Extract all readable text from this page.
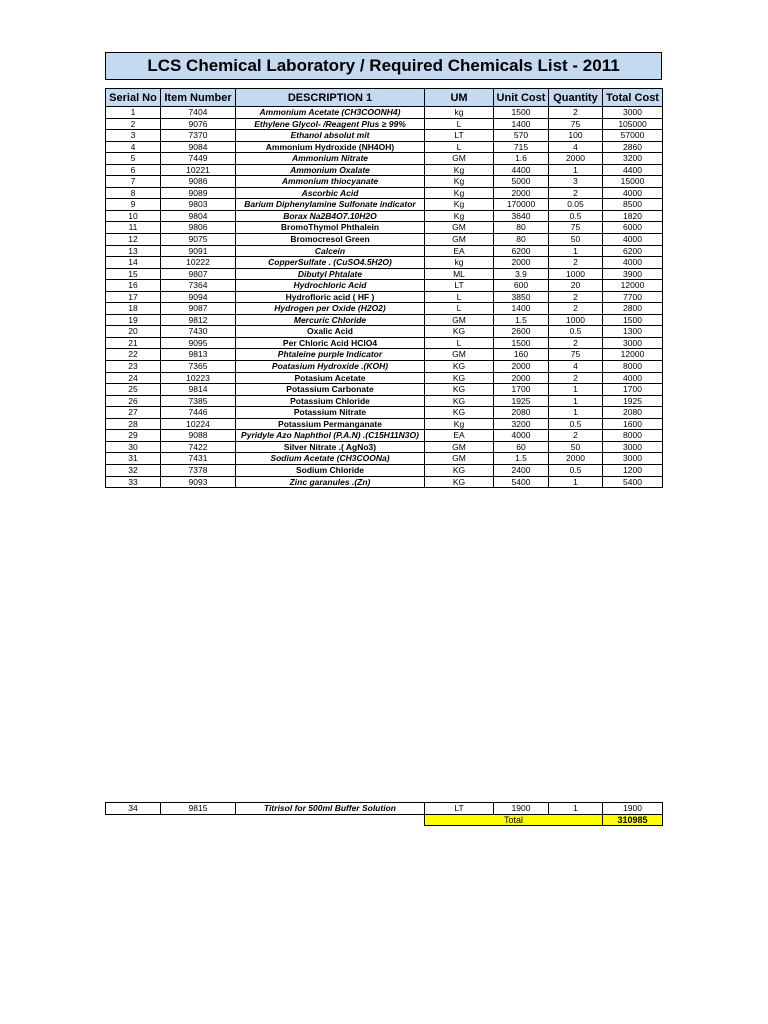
LCS Chemical Laboratory / Required Chemicals List - 2011
Serial No	Item Number	DESCRIPTION 1	UM	Unit Cost	Quantity	Total Cost
1	7404	Ammonium Acetate (CH3COONH4)	kg	1500	2	3000
2	9076	Ethylene Glycol- /Reagent Plus ≥ 99%	L	1400	75	105000
3	7370	Ethanol absolut mit	LT	570	100	57000
4	9084	Ammonium Hydroxide (NH4OH)	L	715	4	2860
5	7449	Ammonium Nitrate	GM	1.6	2000	3200
6	10221	Ammonium Oxalate	Kg	4400	1	4400
7	9086	Ammonium thiocyanate	Kg	5000	3	15000
8	9089	Ascorbic Acid	Kg	2000	2	4000
9	9803	Barium Diphenylamine Sulfonate indicator	Kg	170000	0.05	8500
10	9804	Borax Na2B4O7.10H2O	Kg	3640	0.5	1820
11	9806	BromoThymol Phthalein	GM	80	75	6000
12	9075	Bromocresol Green	GM	80	50	4000
13	9091	Calcein	EA	6200	1	6200
14	10222	CopperSulfate . (CuSO4.5H2O)	kg	2000	2	4000
15	9807	Dibutyl Phtalate	ML	3.9	1000	3900
16	7364	Hydrochloric Acid	LT	600	20	12000
17	9094	Hydrofloric acid ( HF )	L	3850	2	7700
18	9087	Hydrogen per Oxide (H2O2)	L	1400	2	2800
19	9812	Mercuric Chloride	GM	1.5	1000	1500
20	7430	Oxalic Acid	KG	2600	0.5	1300
21	9095	Per Chloric Acid HClO4	L	1500	2	3000
22	9813	Phtaleine purple Indicator	GM	160	75	12000
23	7365	Poatasium Hydroxide .(KOH)	KG	2000	4	8000
24	10223	Potasium Acetate	KG	2000	2	4000
25	9814	Potassium Carbonate	KG	1700	1	1700
26	7385	Potassium Chloride	KG	1925	1	1925
27	7446	Potassium Nitrate	KG	2080	1	2080
28	10224	Potassium Permanganate	Kg	3200	0.5	1600
29	9088	Pyridyle Azo Naphthol (P.A.N) .(C15H11N3O)	EA	4000	2	8000
30	7422	Silver Nitrate .( AgNo3)	GM	60	50	3000
31	7431	Sodium Acetate (CH3COONa)	GM	1.5	2000	3000
32	7378	Sodium Chloride	KG	2400	0.5	1200
33	9093	Zinc garanules .(Zn)	KG	5400	1	5400
34	9815	Titrisol for 500ml Buffer Solution	LT	1900	1	1900
			Total			310985
